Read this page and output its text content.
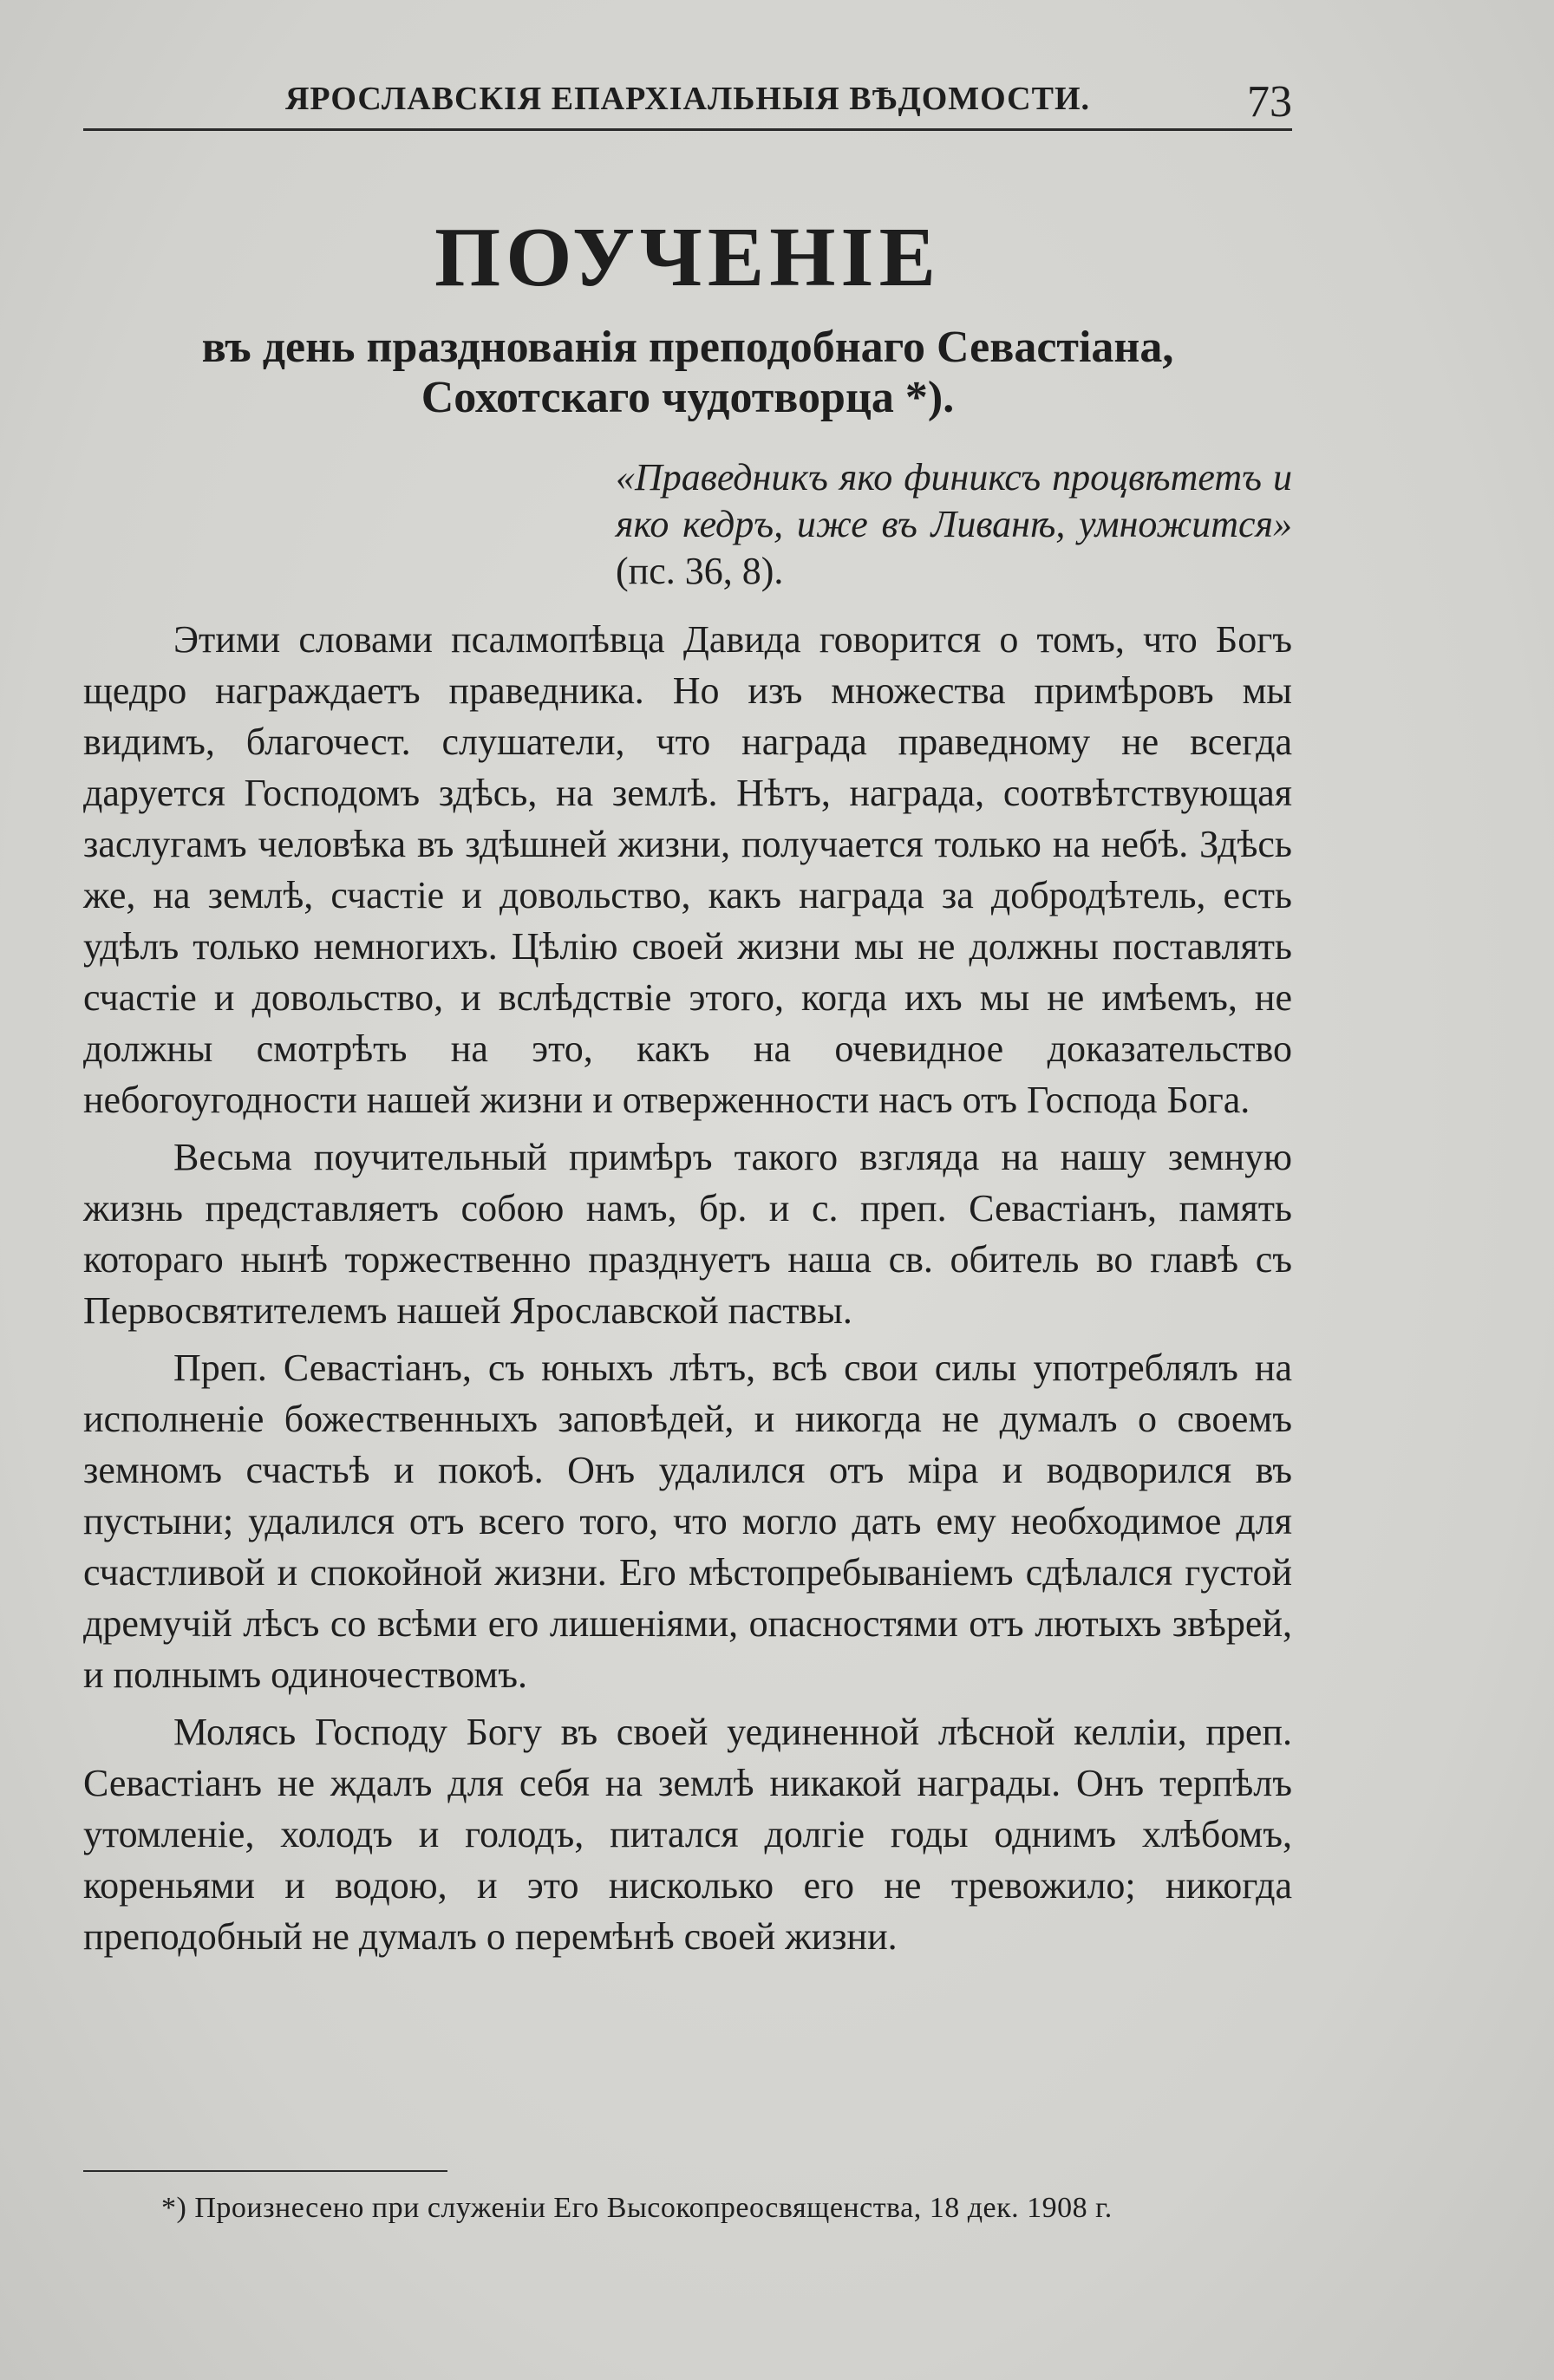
ЯРОСЛАВСКІЯ ЕПАРХІАЛЬНЫЯ ВѢДОМОСТИ.	73
ПОУЧЕНІЕ
въ день празднованія преподобнаго Севастіана, Сохотскаго чудотворца *).
«Праведникъ яко финиксъ процвѣтетъ и яко кедръ, иже въ Ливанѣ, умножится» (пс. 36, 8).

Этими словами псалмопѣвца Давида говорится о томъ, что Богъ щедро награждаетъ праведника. Но изъ множества примѣровъ мы видимъ, благочест. слушатели, что награда праведному не всегда даруется Господомъ здѣсь, на землѣ. Нѣтъ, награда, соотвѣтствующая заслугамъ человѣка въ здѣшней жизни, получается только на небѣ. Здѣсь же, на землѣ, счастіе и довольство, какъ награда за добродѣтель, есть удѣлъ только немногихъ. Цѣлію своей жизни мы не должны поставлять счастіе и довольство, и вслѣдствіе этого, когда ихъ мы не имѣемъ, не должны смотрѣть на это, какъ на очевидное доказательство небогоугодности нашей жизни и отверженности насъ отъ Господа Бога.

Весьма поучительный примѣръ такого взгляда на нашу земную жизнь представляетъ собою намъ, бр. и с. преп. Севастіанъ, память котораго нынѣ торжественно празднуетъ наша св. обитель во главѣ съ Первосвятителемъ нашей Ярославской паствы.

Преп. Севастіанъ, съ юныхъ лѣтъ, всѣ свои силы употреблялъ на исполненіе божественныхъ заповѣдей, и никогда не думалъ о своемъ земномъ счастьѣ и покоѣ. Онъ удалился отъ міра и водворился въ пустыни; удалился отъ всего того, что могло дать ему необходимое для счастливой и спокойной жизни. Его мѣстопребываніемъ сдѣлался густой дремучій лѣсъ со всѣми его лишеніями, опасностями отъ лютыхъ звѣрей, и полнымъ одиночествомъ.

Молясь Господу Богу въ своей уединенной лѣсной келліи, преп. Севастіанъ не ждалъ для себя на землѣ никакой награды. Онъ терпѣлъ утомленіе, холодъ и голодъ, питался долгіе годы однимъ хлѣбомъ, кореньями и водою, и это нисколько его не тревожило; никогда преподобный не думалъ о перемѣнѣ своей жизни.

*) Произнесено при служеніи Его Высокопреосвященства, 18 дек. 1908 г.
